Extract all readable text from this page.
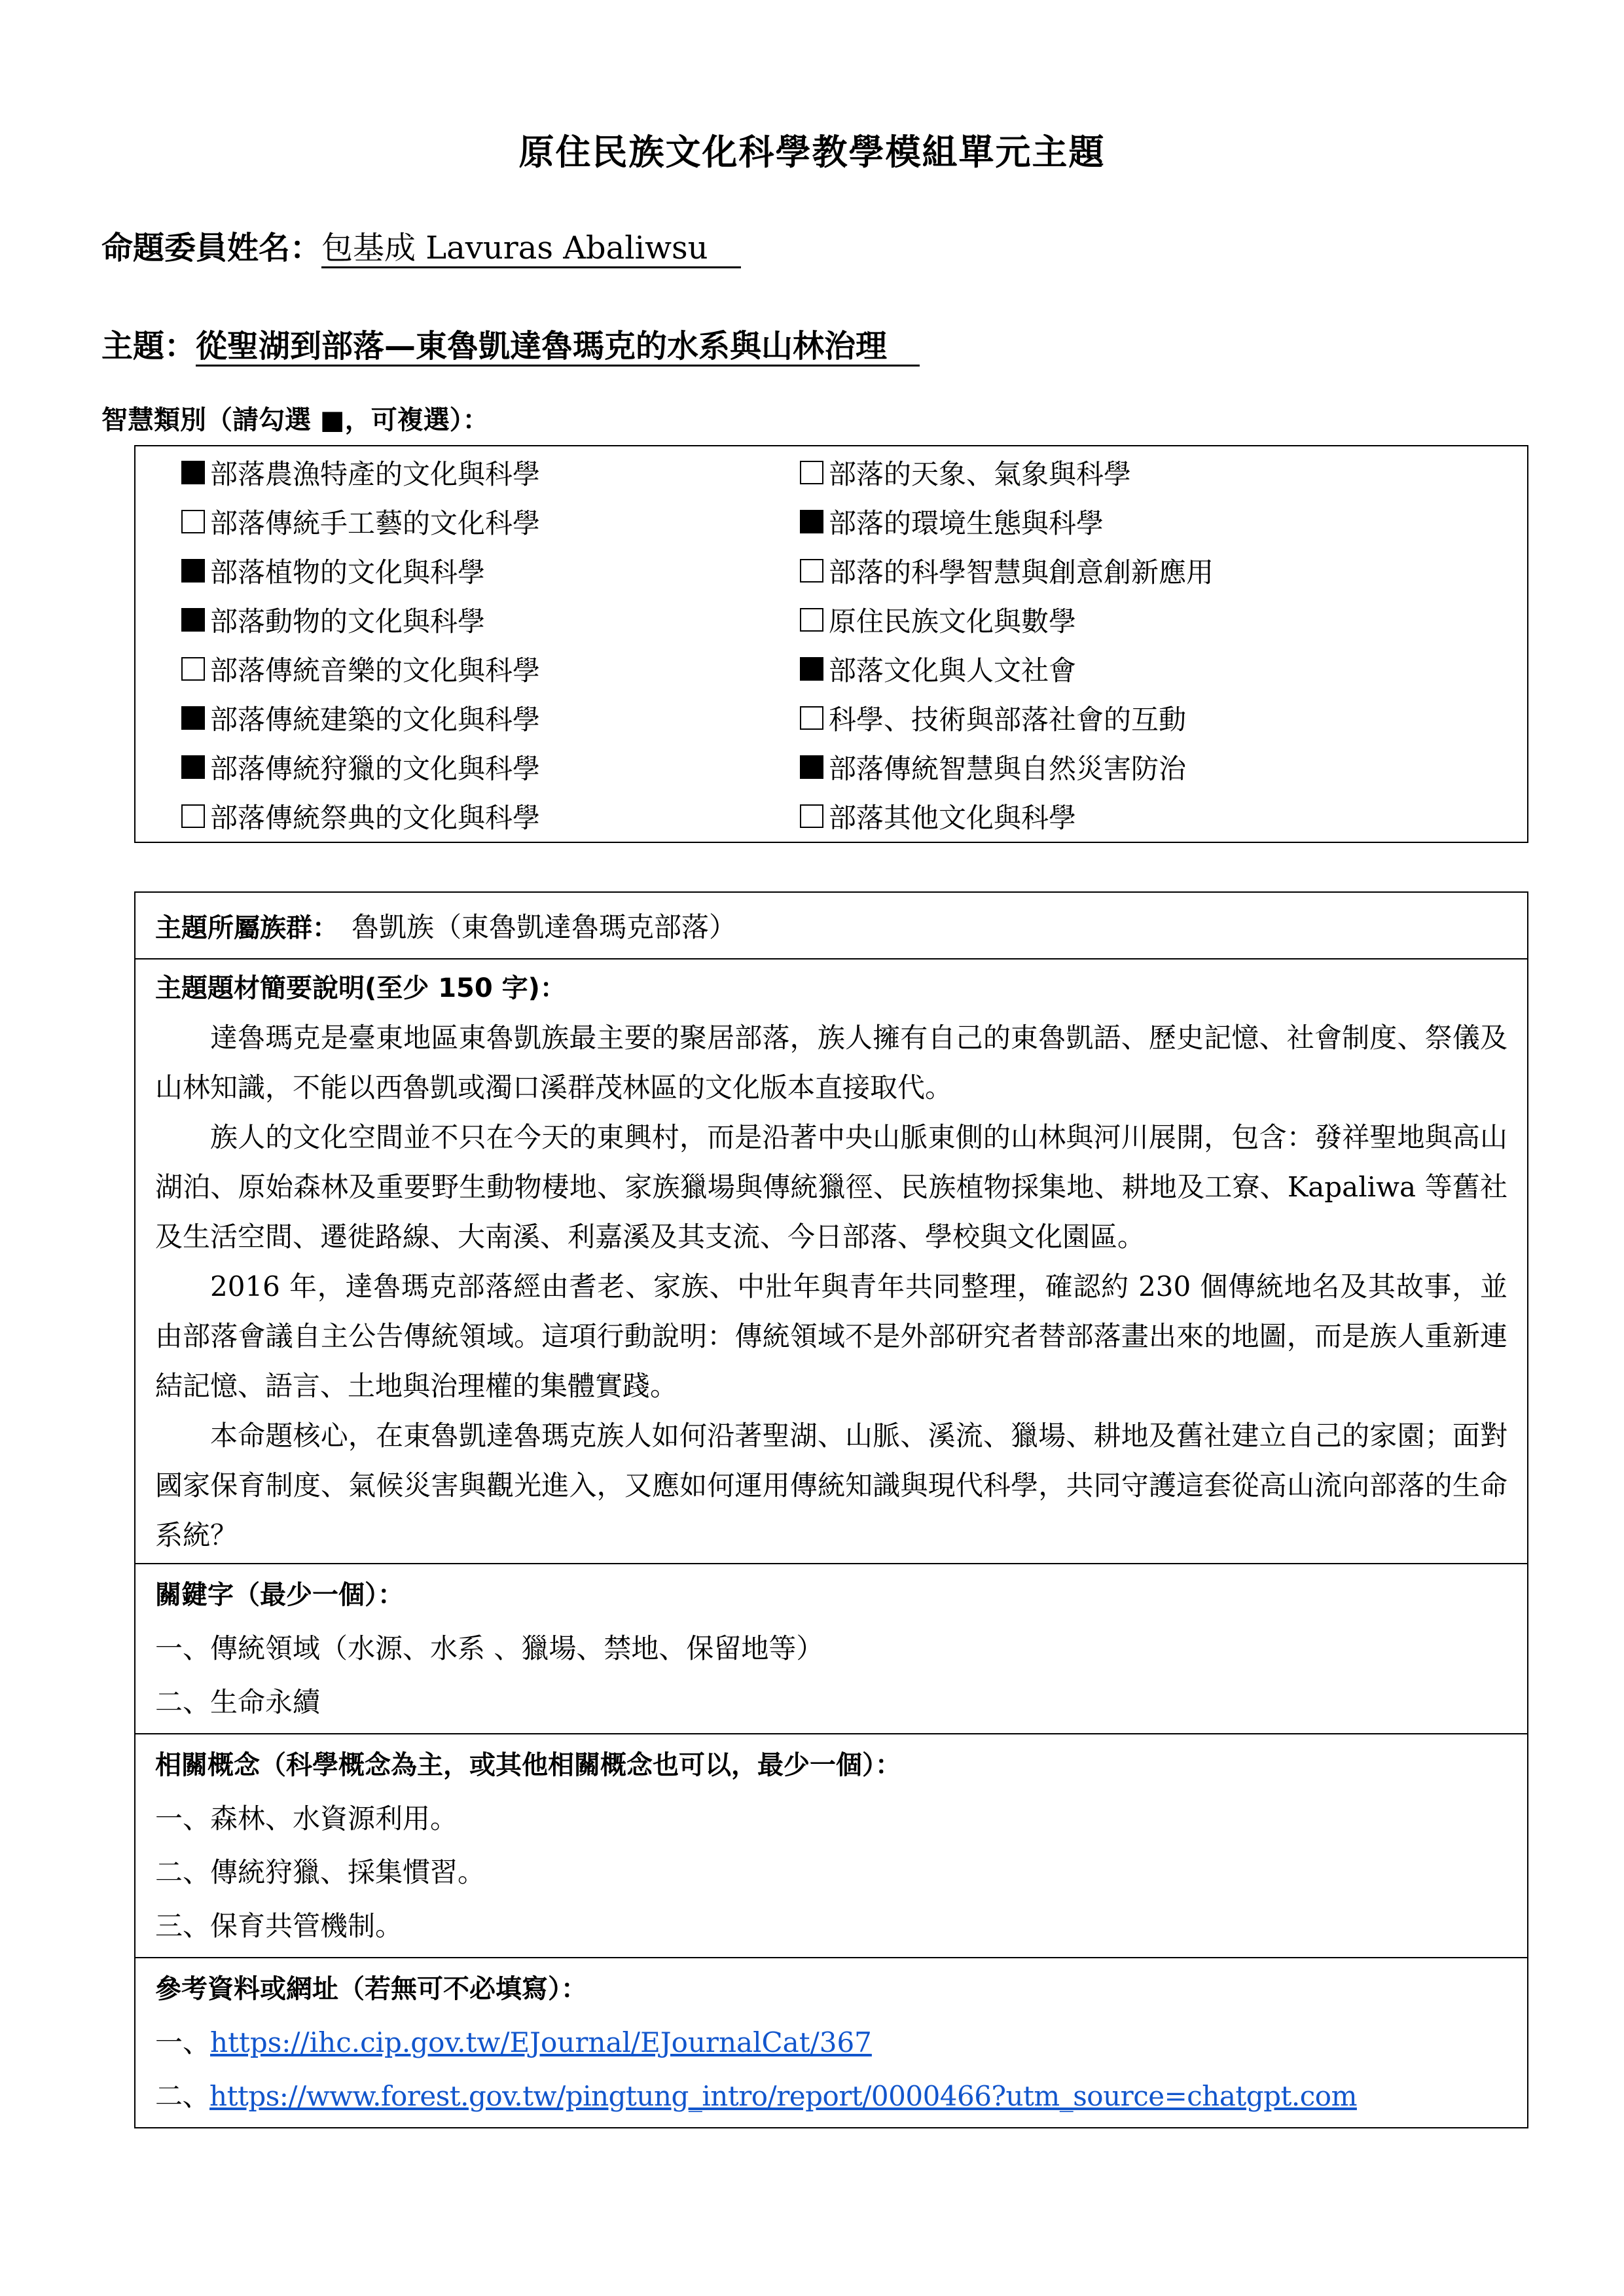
原住民族文化科學教學模組單元主題
命題委員姓名：包基成 Lavuras Abaliwsu
主題：從聖湖到部落—東魯凱達魯瑪克的水系與山林治理
智慧類別（請勾選 ■，可複選）：
部落農漁特產的文化與科學	部落的天象、氣象與科學
部落傳統手工藝的文化科學	部落的環境生態與科學
部落植物的文化與科學	部落的科學智慧與創意創新應用
部落動物的文化與科學	原住民族文化與數學
部落傳統音樂的文化與科學	部落文化與人文社會
部落傳統建築的文化與科學	科學、技術與部落社會的互動
部落傳統狩獵的文化與科學	部落傳統智慧與自然災害防治
部落傳統祭典的文化與科學	部落其他文化與科學
主題所屬族群： 魯凱族（東魯凱達魯瑪克部落）
主題題材簡要說明(至少 150 字)：

達魯瑪克是臺東地區東魯凱族最主要的聚居部落，族人擁有自己的東魯凱語、歷史記憶、社會制度、祭儀及山林知識，不能以西魯凱或濁口溪群茂林區的文化版本直接取代。

族人的文化空間並不只在今天的東興村，而是沿著中央山脈東側的山林與河川展開，包含：發祥聖地與高山湖泊、原始森林及重要野生動物棲地、家族獵場與傳統獵徑、民族植物採集地、耕地及工寮、Kapaliwa 等舊社及生活空間、遷徙路線、大南溪、利嘉溪及其支流、今日部落、學校與文化園區。

2016 年，達魯瑪克部落經由耆老、家族、中壯年與青年共同整理，確認約 230 個傳統地名及其故事，並由部落會議自主公告傳統領域。這項行動說明：傳統領域不是外部研究者替部落畫出來的地圖，而是族人重新連結記憶、語言、土地與治理權的集體實踐。

本命題核心，在東魯凱達魯瑪克族人如何沿著聖湖、山脈、溪流、獵場、耕地及舊社建立自己的家園；面對國家保育制度、氣候災害與觀光進入，又應如何運用傳統知識與現代科學，共同守護這套從高山流向部落的生命系統？

關鍵字（最少一個）：
一、傳統領域（水源、水系 、獵場、禁地、保留地等）
二、生命永續
相關概念（科學概念為主，或其他相關概念也可以，最少一個）：
一、森林、水資源利用。
二、傳統狩獵、採集慣習。
三、保育共管機制。
參考資料或網址（若無可不必填寫）：
一、https://ihc.cip.gov.tw/EJournal/EJournalCat/367
二、https://www.forest.gov.tw/pingtung_intro/report/0000466?utm_source=chatgpt.com
